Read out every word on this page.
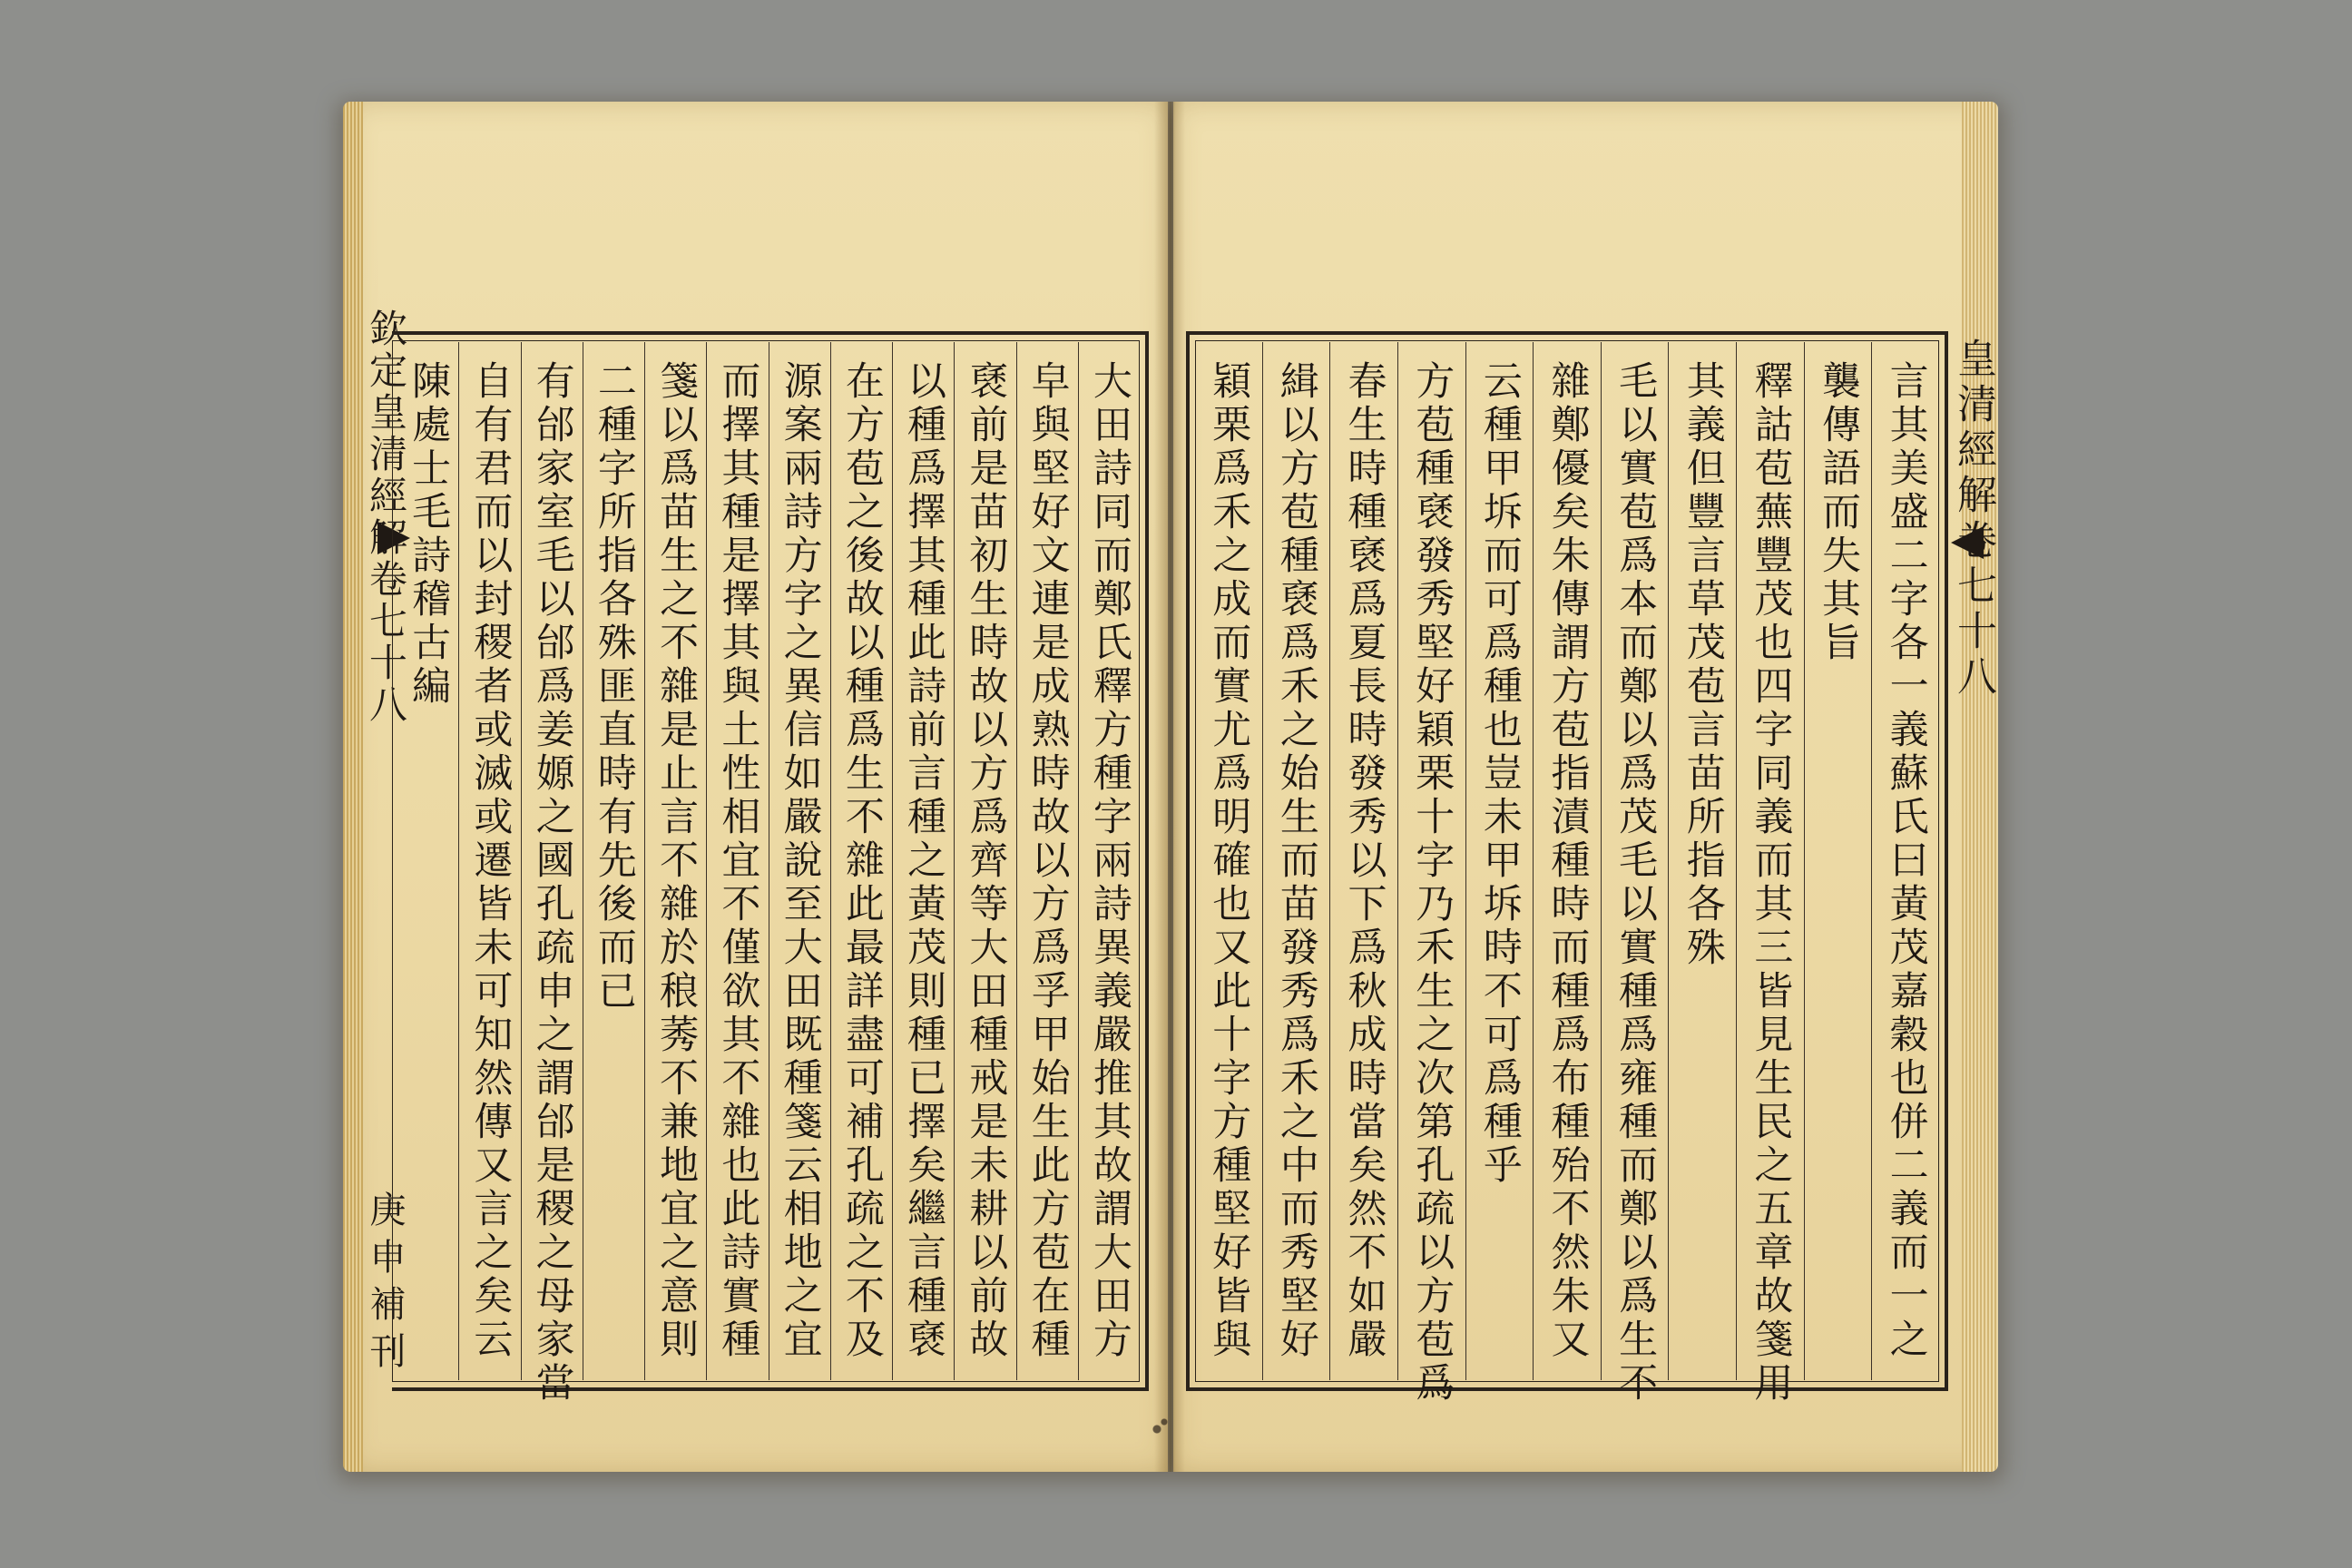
欽定皇清經解卷七十八
庚申補刊	大田詩同而鄭氏釋方種字兩詩異義嚴推其故謂大田方
皁與堅好文連是成熟時故以方爲孚甲始生此方苞在種
褎前是苗初生時故以方爲齊等大田種戒是未耕以前故
以種爲擇其種此詩前言種之黃茂則種已擇矣繼言種褎
在方苞之後故以種爲生不雜此最詳盡可補孔疏之不及
源案兩詩方字之異信如嚴說至大田既種箋云相地之宜
而擇其種是擇其與土性相宜不僅欲其不雜也此詩實種
箋以爲苗生之不雜是止言不雜於稂莠不兼地宜之意則
二種字所指各殊匪直時有先後而已
有邰家室毛以邰爲姜嫄之國孔疏申之謂邰是稷之母家當
自有君而以封稷者或滅或遷皆未可知然傳又言之矣云
陳處士毛詩稽古編	言其美盛二字各一義蘇氏曰黃茂嘉穀也併二義而一之
襲傳語而失其旨
釋詁苞蕪豐茂也四字同義而其三皆見生民之五章故箋用
其義但豐言草茂苞言苗所指各殊
毛以實苞爲本而鄭以爲茂毛以實種爲雍種而鄭以爲生不
雜鄭優矣朱傳謂方苞指漬種時而種爲布種殆不然朱又
云種甲坼而可爲種也豈未甲坼時不可爲種乎
方苞種褎發秀堅好穎栗十字乃禾生之次第孔疏以方苞爲
春生時種褎爲夏長時發秀以下爲秋成時當矣然不如嚴
緝以方苞種褎爲禾之始生而苗發秀爲禾之中而秀堅好
穎栗爲禾之成而實尤爲明確也又此十字方種堅好皆與	皇清經解卷七十八
